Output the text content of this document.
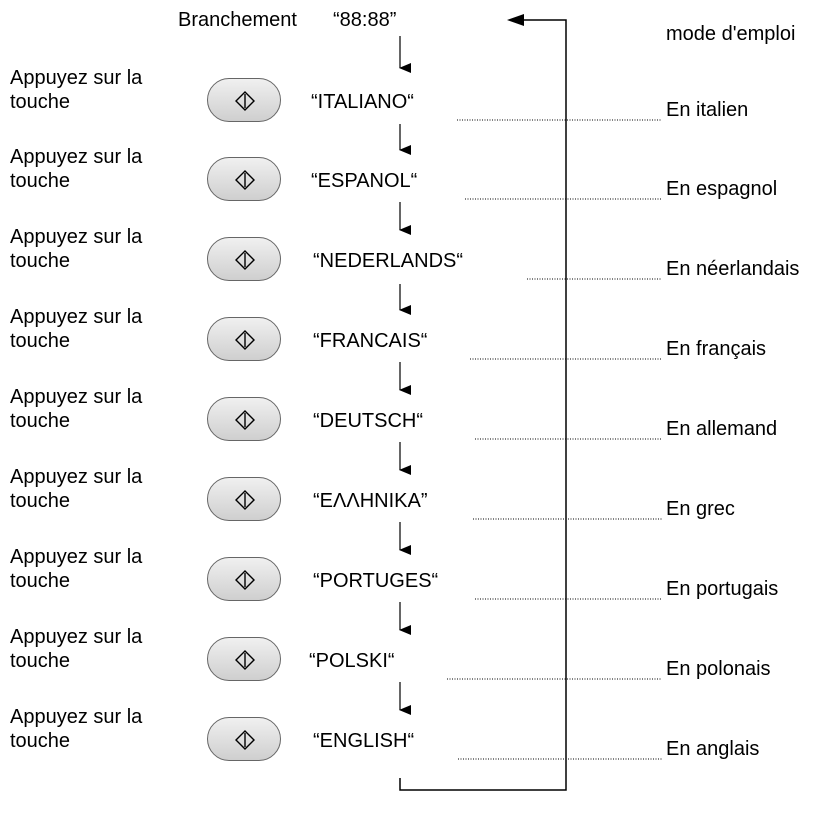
Branchement “88:88”
mode d'emploi
Appuyez sur la touche	“ITALIANO“	En italien
Appuyez sur la touche	“ESPANOL“	En espagnol
Appuyez sur la touche	“NEDERLANDS“	En néerlandais
Appuyez sur la touche	“FRANCAIS“	En français
Appuyez sur la touche	“DEUTSCH“	En allemand
Appuyez sur la touche	“ΕΛΛΗΝΙΚΑ”	En grec
Appuyez sur la touche	“PORTUGES“	En portugais
Appuyez sur la touche	“POLSKI“	En polonais
Appuyez sur la touche	“ENGLISH“	En anglais
